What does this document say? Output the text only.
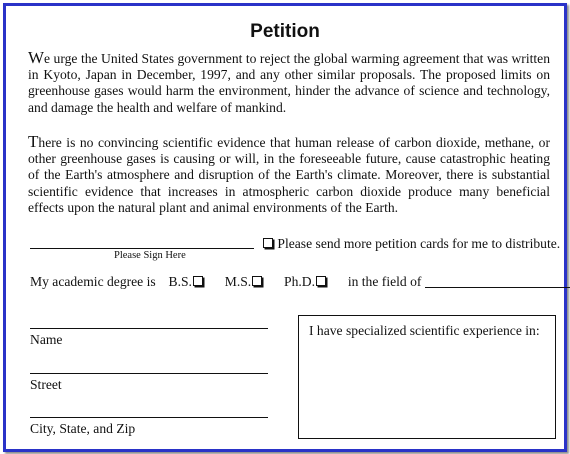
Petition

We urge the United States government to reject the global warming agreement that was written in Kyoto, Japan in December, 1997, and any other similar proposals. The proposed limits on greenhouse gases would harm the environment, hinder the advance of science and technology, and damage the health and welfare of mankind.

There is no convincing scientific evidence that human release of carbon dioxide, methane, or other greenhouse gases is causing or will, in the foreseeable future, cause catastrophic heating of the Earth's atmosphere and disruption of the Earth's climate. Moreover, there is substantial scientific evidence that increases in atmospheric carbon dioxide produce many beneficial effects upon the natural plant and animal environments of the Earth.

Please Sign Here
Please send more petition cards for me to distribute.
My academic degree is B.S. M.S. Ph.D. in the field of
Name
Street
City, State, and Zip
I have specialized scientific experience in:
